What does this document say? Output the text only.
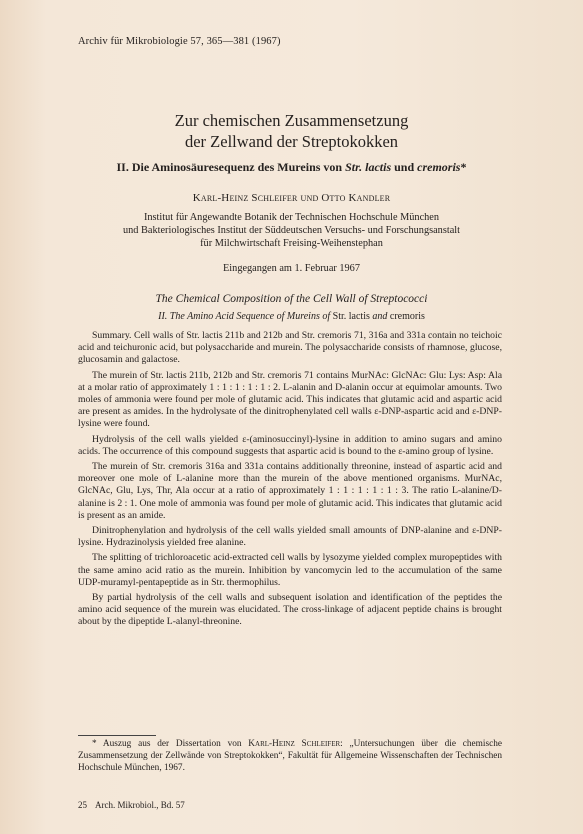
Archiv für Mikrobiologie 57, 365—381 (1967)
Zur chemischen Zusammensetzung
der Zellwand der Streptokokken
II. Die Aminosäuresequenz des Mureins von Str. lactis und cremoris*
Karl-Heinz Schleifer und Otto Kandler
Institut für Angewandte Botanik der Technischen Hochschule München
und Bakteriologisches Institut der Süddeutschen Versuchs- und Forschungsanstalt
für Milchwirtschaft Freising-Weihenstephan
Eingegangen am 1. Februar 1967
The Chemical Composition of the Cell Wall of Streptococci
II. The Amino Acid Sequence of Mureins of Str. lactis and cremoris

Summary. Cell walls of Str. lactis 211b and 212b and Str. cremoris 71, 316a and 331a contain no teichoic acid and teichuronic acid, but polysaccharide and murein. The polysaccharide consists of rhamnose, glucose, glucosamin and galactose.

The murein of Str. lactis 211b, 212b and Str. cremoris 71 contains MurNAc: GlcNAc: Glu: Lys: Asp: Ala at a molar ratio of approximately 1 : 1 : 1 : 1 : 1 : 2. L-alanin and D-alanin occur at equimolar amounts. Two moles of ammonia were found per mole of glutamic acid. This indicates that glutamic acid and aspartic acid are present as amides. In the hydrolysate of the dinitrophenylated cell walls ε-DNP-aspartic acid and ε-DNP-lysine were found.

Hydrolysis of the cell walls yielded ε-(aminosuccinyl)-lysine in addition to amino sugars and amino acids. The occurrence of this compound suggests that aspartic acid is bound to the ε-amino group of lysine.

The murein of Str. cremoris 316a and 331a contains additionally threonine, instead of aspartic acid and moreover one mole of L-alanine more than the murein of the above mentioned organisms. MurNAc, GlcNAc, Glu, Lys, Thr, Ala occur at a ratio of approximately 1 : 1 : 1 : 1 : 1 : 3. The ratio L-alanine/D-alanine is 2 : 1. One mole of ammonia was found per mole of glutamic acid. This indicates that glutamic acid is present as an amide.

Dinitrophenylation and hydrolysis of the cell walls yielded small amounts of DNP-alanine and ε-DNP-lysine. Hydrazinolysis yielded free alanine.

The splitting of trichloroacetic acid-extracted cell walls by lysozyme yielded complex muropeptides with the same amino acid ratio as the murein. Inhibition by vancomycin led to the accumulation of the same UDP-muramyl-pentapeptide as in Str. thermophilus.

By partial hydrolysis of the cell walls and subsequent isolation and identification of the peptides the amino acid sequence of the murein was elucidated. The cross-linkage of adjacent peptide chains is brought about by the dipeptide L-alanyl-threonine.

* Auszug aus der Dissertation von Karl-Heinz Schleifer: „Untersuchungen über die chemische Zusammensetzung der Zellwände von Streptokokken“, Fakultät für Allgemeine Wissenschaften der Technischen Hochschule München, 1967.

25 Arch. Mikrobiol., Bd. 57
